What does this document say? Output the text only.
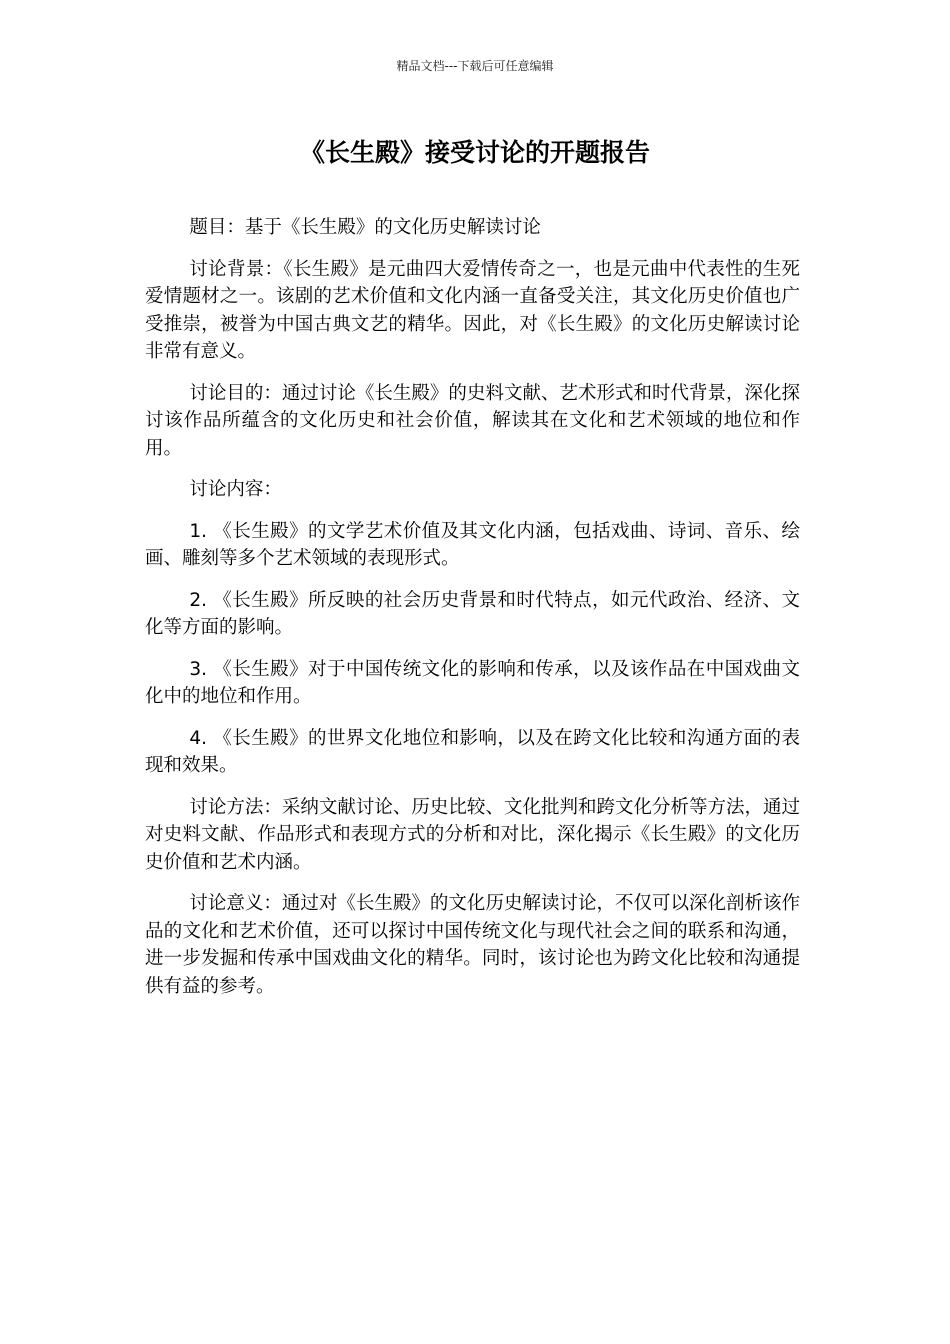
精品文档---下载后可任意编辑
《长生殿》接受讨论的开题报告

题目：基于《长生殿》的文化历史解读讨论

讨论背景：《长生殿》是元曲四大爱情传奇之一，也是元曲中代表性的生死爱情题材之一。该剧的艺术价值和文化内涵一直备受关注，其文化历史价值也广受推崇，被誉为中国古典文艺的精华。因此，对《长生殿》的文化历史解读讨论非常有意义。

讨论目的：通过讨论《长生殿》的史料文献、艺术形式和时代背景，深化探讨该作品所蕴含的文化历史和社会价值，解读其在文化和艺术领域的地位和作用。

讨论内容：

1. 《长生殿》的文学艺术价值及其文化内涵，包括戏曲、诗词、音乐、绘画、雕刻等多个艺术领域的表现形式。

2. 《长生殿》所反映的社会历史背景和时代特点，如元代政治、经济、文化等方面的影响。

3. 《长生殿》对于中国传统文化的影响和传承，以及该作品在中国戏曲文化中的地位和作用。

4. 《长生殿》的世界文化地位和影响，以及在跨文化比较和沟通方面的表现和效果。

讨论方法：采纳文献讨论、历史比较、文化批判和跨文化分析等方法，通过对史料文献、作品形式和表现方式的分析和对比，深化揭示《长生殿》的文化历史价值和艺术内涵。

讨论意义：通过对《长生殿》的文化历史解读讨论，不仅可以深化剖析该作品的文化和艺术价值，还可以探讨中国传统文化与现代社会之间的联系和沟通，进一步发掘和传承中国戏曲文化的精华。同时，该讨论也为跨文化比较和沟通提供有益的参考。
